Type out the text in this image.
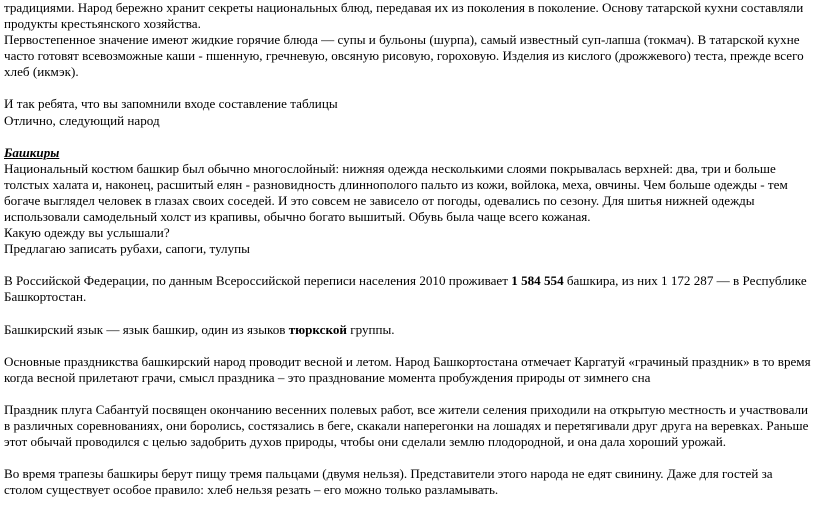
традициями. Народ бережно хранит секреты национальных блюд, передавая их из поколения в поколение. Основу татарской кухни составляли продукты крестьянского хозяйства.

Первостепенное значение имеют жидкие горячие блюда — супы и бульоны (шурпа), самый известный суп-лапша (токмач). В татарской кухне часто готовят всевозможные каши - пшенную, гречневую, овсяную рисовую, гороховую. Изделия из кислого (дрожжевого) теста, прежде всего хлеб (икмэк).

И так ребята, что вы запомнили входе составление таблицы

Отлично, следующий народ

Башкиры

Национальный костюм башкир был обычно многослойный: нижняя одежда несколькими слоями покрывалась верхней: два, три и больше толстых халата и, наконец, расшитый елян - разновидность длиннополого пальто из кожи, войлока, меха, овчины. Чем больше одежды - тем богаче выглядел человек в глазах своих соседей. И это совсем не зависело от погоды, одевались по сезону. Для шитья нижней одежды использовали самодельный холст из крапивы, обычно богато вышитый. Обувь была чаще всего кожаная.

Какую одежду вы услышали?

Предлагаю записать рубахи, сапоги, тулупы

В Российской Федерации, по данным Всероссийской переписи населения 2010 проживает 1 584 554 башкира, из них 1 172 287 — в Республике Башкортостан.

Башкирский язык — язык башкир, один из языков тюркской группы.

Основные праздникства башкирский народ проводит весной и летом. Народ Башкортостана отмечает Каргатуй «грачиный праздник» в то время когда весной прилетают грачи, смысл праздника – это празднование момента пробуждения природы от зимнего сна

Праздник плуга Сабантуй посвящен окончанию весенних полевых работ, все жители селения приходили на открытую местность и участвовали в различных соревнованиях, они боролись, состязались в беге, скакали наперегонки на лошадях и перетягивали друг друга на веревках. Раньше этот обычай проводился с целью задобрить духов природы, чтобы они сделали землю плодородной, и она дала хороший урожай.

Во время трапезы башкиры берут пищу тремя пальцами (двумя нельзя). Представители этого народа не едят свинину. Даже для гостей за столом существует особое правило: хлеб нельзя резать – его можно только разламывать.
